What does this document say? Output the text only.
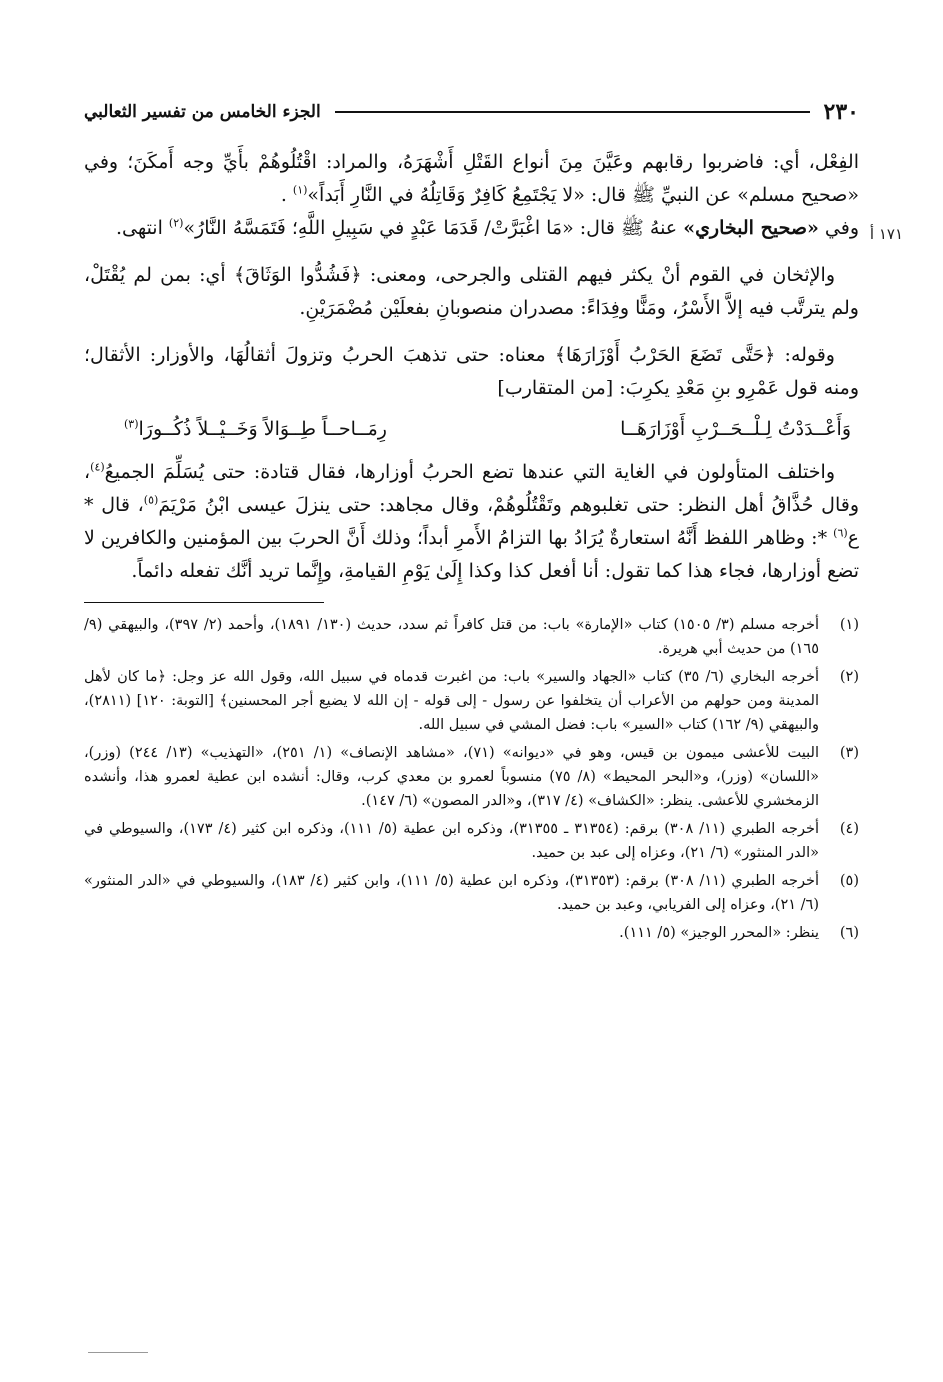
٢٣٠
الجزء الخامس من تفسير الثعالبي

الفِعْل، أي: فاضربوا رقابهم وعَيَّنَ مِنَ أنواع القَتْلِ أَشْهَرَهُ، والمراد: اقْتُلُوهُمْ بأَيِّ وجه أَمكَنَ؛ وفي «صحيح مسلم» عن النبيِّ ﷺ قال: «لا يَجْتَمِعُ كَافِرٌ وَقَاتِلُهُ في النَّارِ أَبَداً»$^{(١)}$ .
وفي «صحيح البخاري» عنهُ ﷺ قال: «مَا اغْبَرَّتْ/ قَدَمَا عَبْدٍ في سَبِيلِ اللَّهِ؛ فَتَمَسَّهُ النَّارُ»$^{(٢)}$ انتهى.	١٧١ أ

والإثخان في القوم أنْ يكثر فيهم القتلى والجرحى، ومعنى: ﴿فَشُدُّوا الوَثَاقَ﴾ أي: بمن لم يُقْتَلْ، ولم يترتَّب فيه إلاَّ الأَسْرُ، ومَنًّا وفِدَاءً: مصدران منصوبانِ بفعلَيْن مُضْمَرَيْنِ.

وقوله: ﴿حَتَّى تَضَعَ الحَرْبُ أَوْزَارَهَا﴾ معناه: حتى تذهبَ الحربُ وتزولَ أثقالُهَا، والأوزار: الأثقال؛ ومنه قول عَمْرِو بنِ مَعْدِ يكرِبَ: [من المتقارب]

وَأَعْــدَدْتُ لِـلْــحَــرْبِ أَوْزَارَهَــا
رِمَــاحــاً طِــوَالاً وَخَــيْــلاً ذُكُــورَا$^{(٣)}$

واختلف المتأولون في الغاية التي عندها تضع الحربُ أوزارها، فقال قتادة: حتى يُسَلِّمَ الجميعُ$^{(٤)}$، وقال حُذَّاقُ أهل النظر: حتى تغلبوهم وتَقْتُلُوهُمْ، وقال مجاهد: حتى ينزلَ عيسى ابْنُ مَرْيَمَ$^{(٥)}$، قال * ع$^{(٦)}$ *: وظاهر اللفظ أَنَّهُ استعارةٌ يُرَادُ بها التزامُ الأَمرِ أبداً؛ وذلك أَنَّ الحربَ بين المؤمنين والكافرين لا تضع أوزارها، فجاء هذا كما تقول: أنا أفعل كذا وكذا إِلَىٰ يَوْمِ القيامةِ، وإِنَّما تريد أنَّك تفعله دائماً.

(١)
أخرجه مسلم (٣/ ١٥٠٥) كتاب «الإمارة» باب: من قتل كافراً ثم سدد، حديث (١٣٠/ ١٨٩١)، وأحمد (٢/ ٣٩٧)، والبيهقي (٩/ ١٦٥) من حديث أبي هريرة.
(٢)
أخرجه البخاري (٦/ ٣٥) كتاب «الجهاد والسير» باب: من اغبرت قدماه في سبيل الله، وقول الله عز وجل: ﴿ما كان لأهل المدينة ومن حولهم من الأعراب أن يتخلفوا عن رسول - إلى قوله - إن الله لا يضيع أجر المحسنين﴾ [التوبة: ١٢٠] (٢٨١١)، والبيهقي (٩/ ١٦٢) كتاب «السير» باب: فضل المشي في سبيل الله.
(٣)
البيت للأعشى ميمون بن قيس، وهو في «ديوانه» (٧١)، «مشاهد الإنصاف» (١/ ٢٥١)، «التهذيب» (١٣/ ٢٤٤) (وزر)، «اللسان» (وزر)، و«البحر المحيط» (٨/ ٧٥) منسوباً لعمرو بن معدي كرب، وقال: أنشده ابن عطية لعمرو هذا، وأنشده الزمخشري للأعشى. ينظر: «الكشاف» (٤/ ٣١٧)، و«الدر المصون» (٦/ ١٤٧).
(٤)
أخرجه الطبري (١١/ ٣٠٨) برقم: (٣١٣٥٤ ـ ٣١٣٥٥)، وذكره ابن عطية (٥/ ١١١)، وذكره ابن كثير (٤/ ١٧٣)، والسيوطي في «الدر المنثور» (٦/ ٢١)، وعزاه إلى عبد بن حميد.
(٥)
أخرجه الطبري (١١/ ٣٠٨) برقم: (٣١٣٥٣)، وذكره ابن عطية (٥/ ١١١)، وابن كثير (٤/ ١٨٣)، والسيوطي في «الدر المنثور» (٦/ ٢١)، وعزاه إلى الفريابي، وعبد بن حميد.
(٦)
ينظر: «المحرر الوجيز» (٥/ ١١١).
